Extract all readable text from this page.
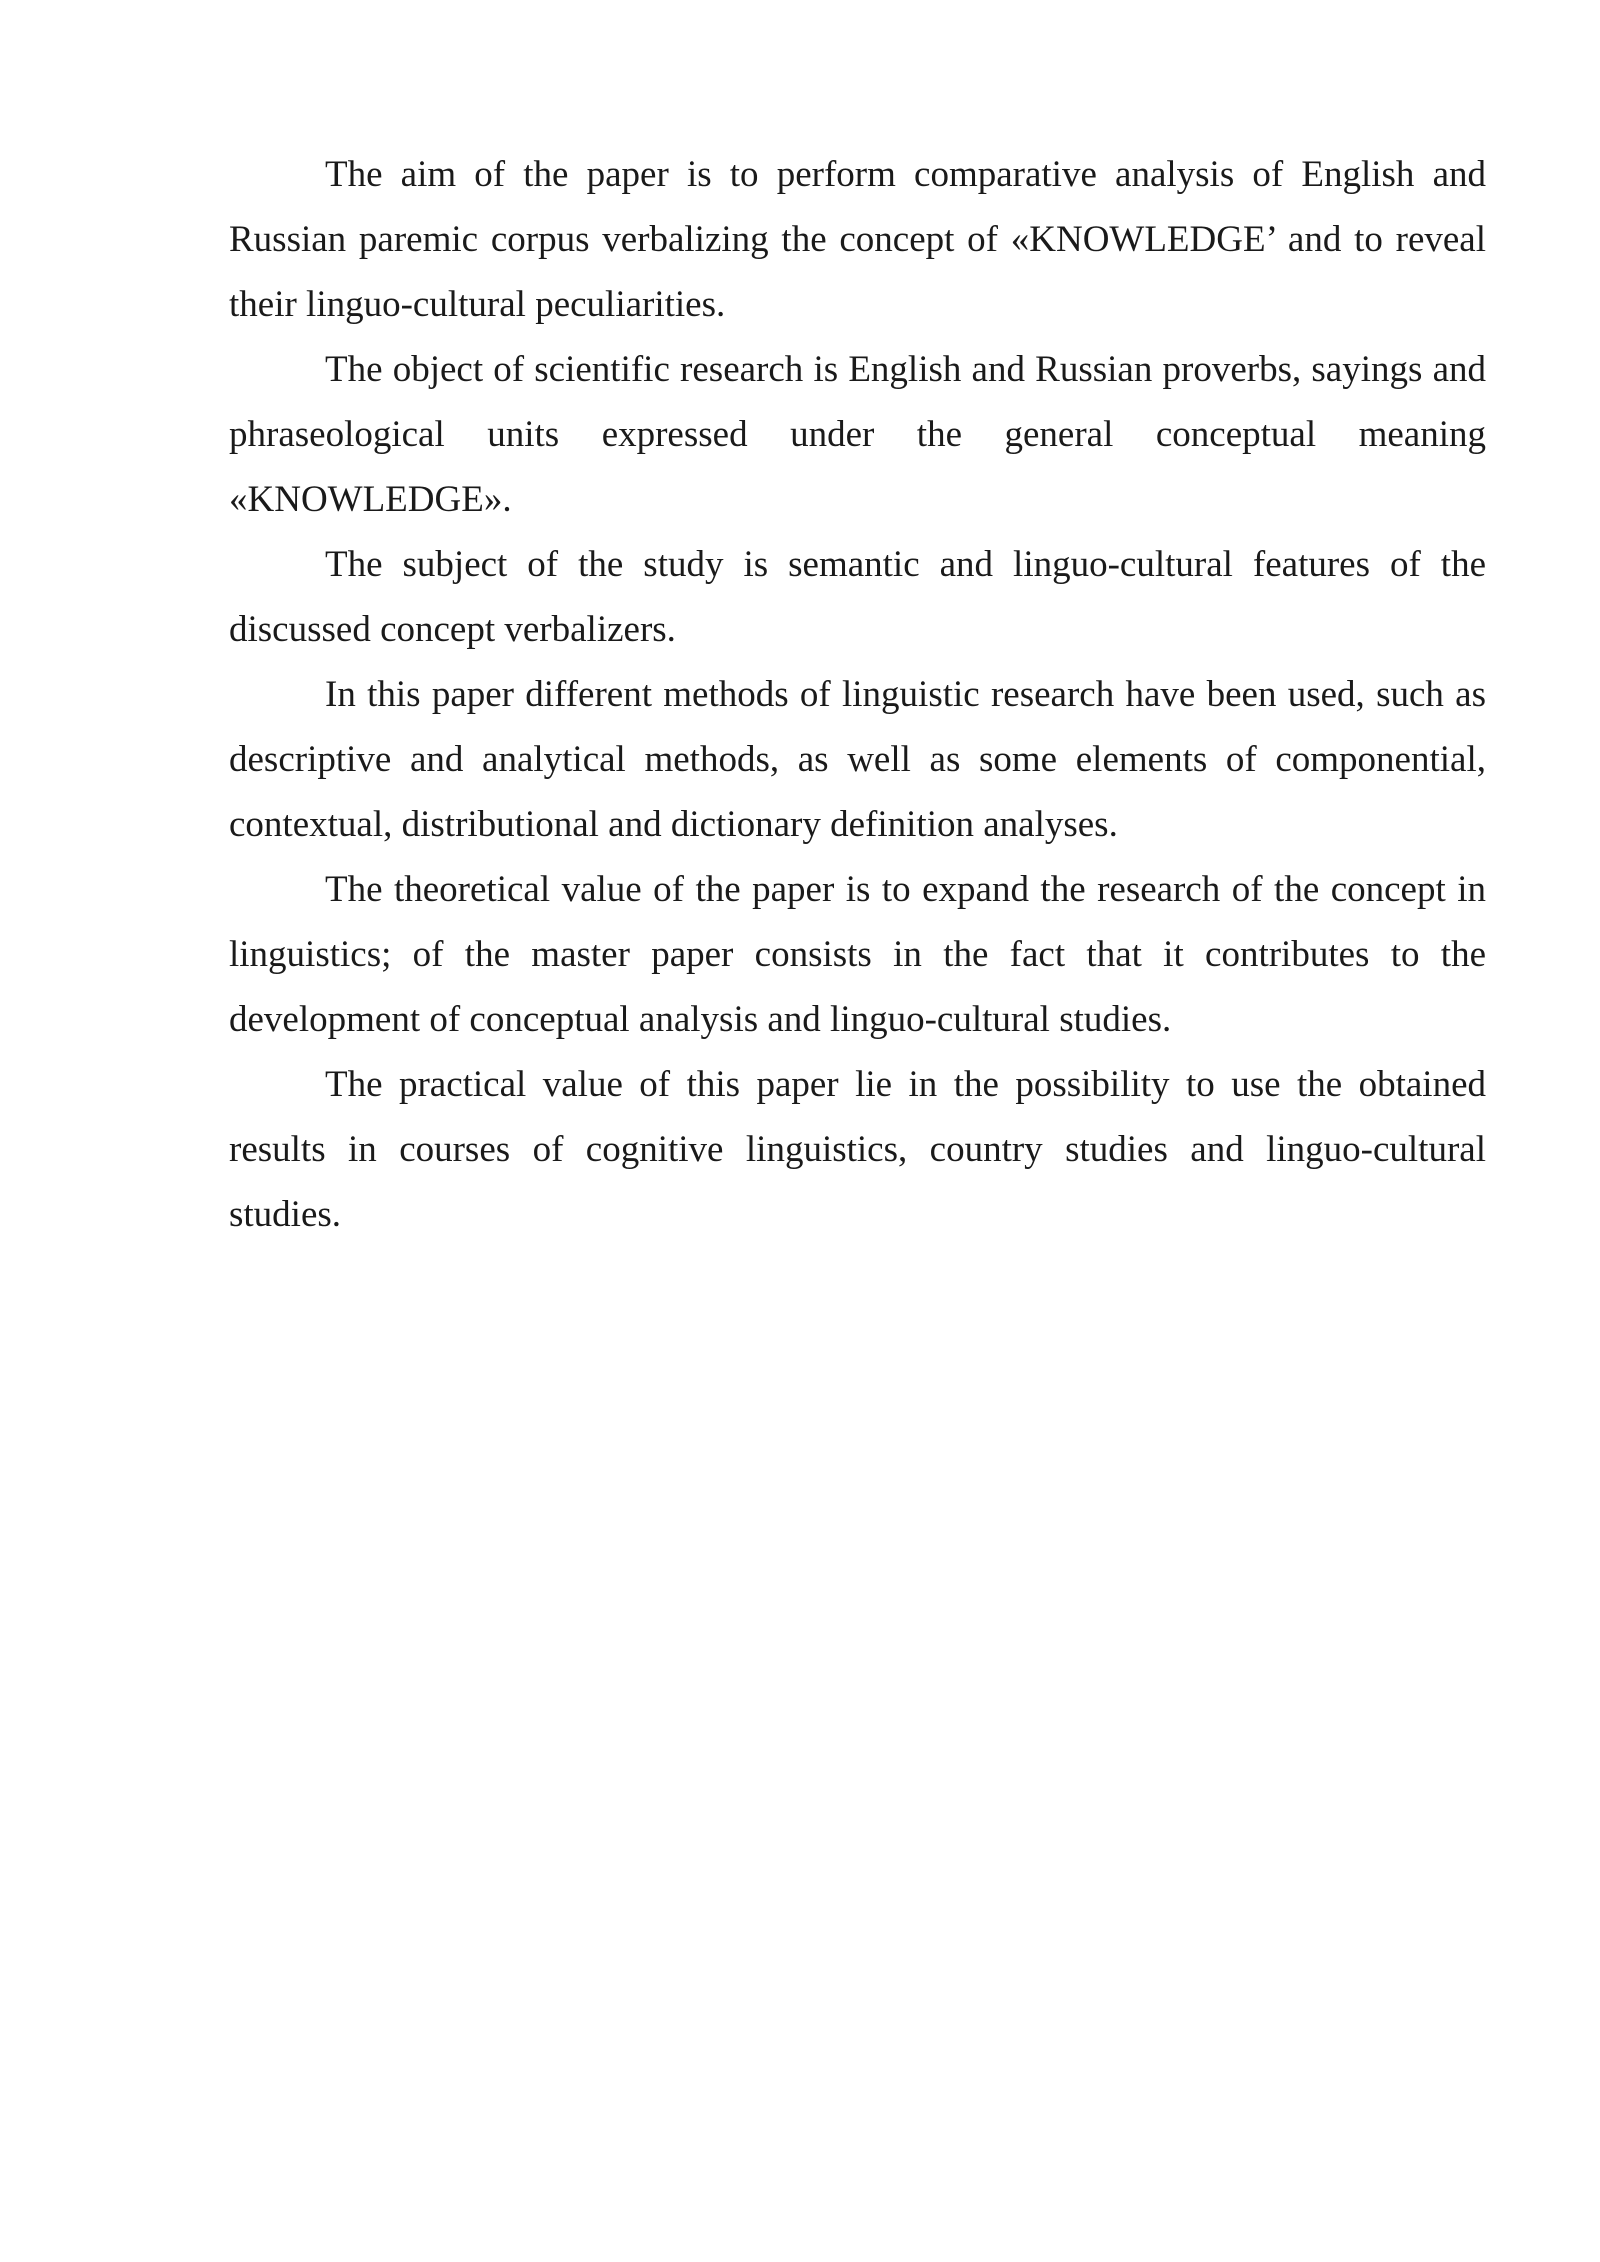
The aim of the paper is to perform comparative analysis of English and Russian paremic corpus verbalizing the concept of «KNOWLEDGE’ and to reveal their linguo-cultural peculiarities.

The object of scientific research is English and Russian proverbs, sayings and phraseological units expressed under the general conceptual meaning «KNOWLEDGE».

The subject of the study is semantic and linguo-cultural features of the discussed concept verbalizers.

In this paper different methods of linguistic research have been used, such as descriptive and analytical methods, as well as some elements of componential, contextual, distributional and dictionary definition analyses.

The theoretical value of the paper is to expand the research of the concept in linguistics; of the master paper consists in the fact that it contributes to the development of conceptual analysis and linguo-cultural studies.

The practical value of this paper lie in the possibility to use the obtained results in courses of cognitive linguistics, country studies and linguo-cultural studies.
